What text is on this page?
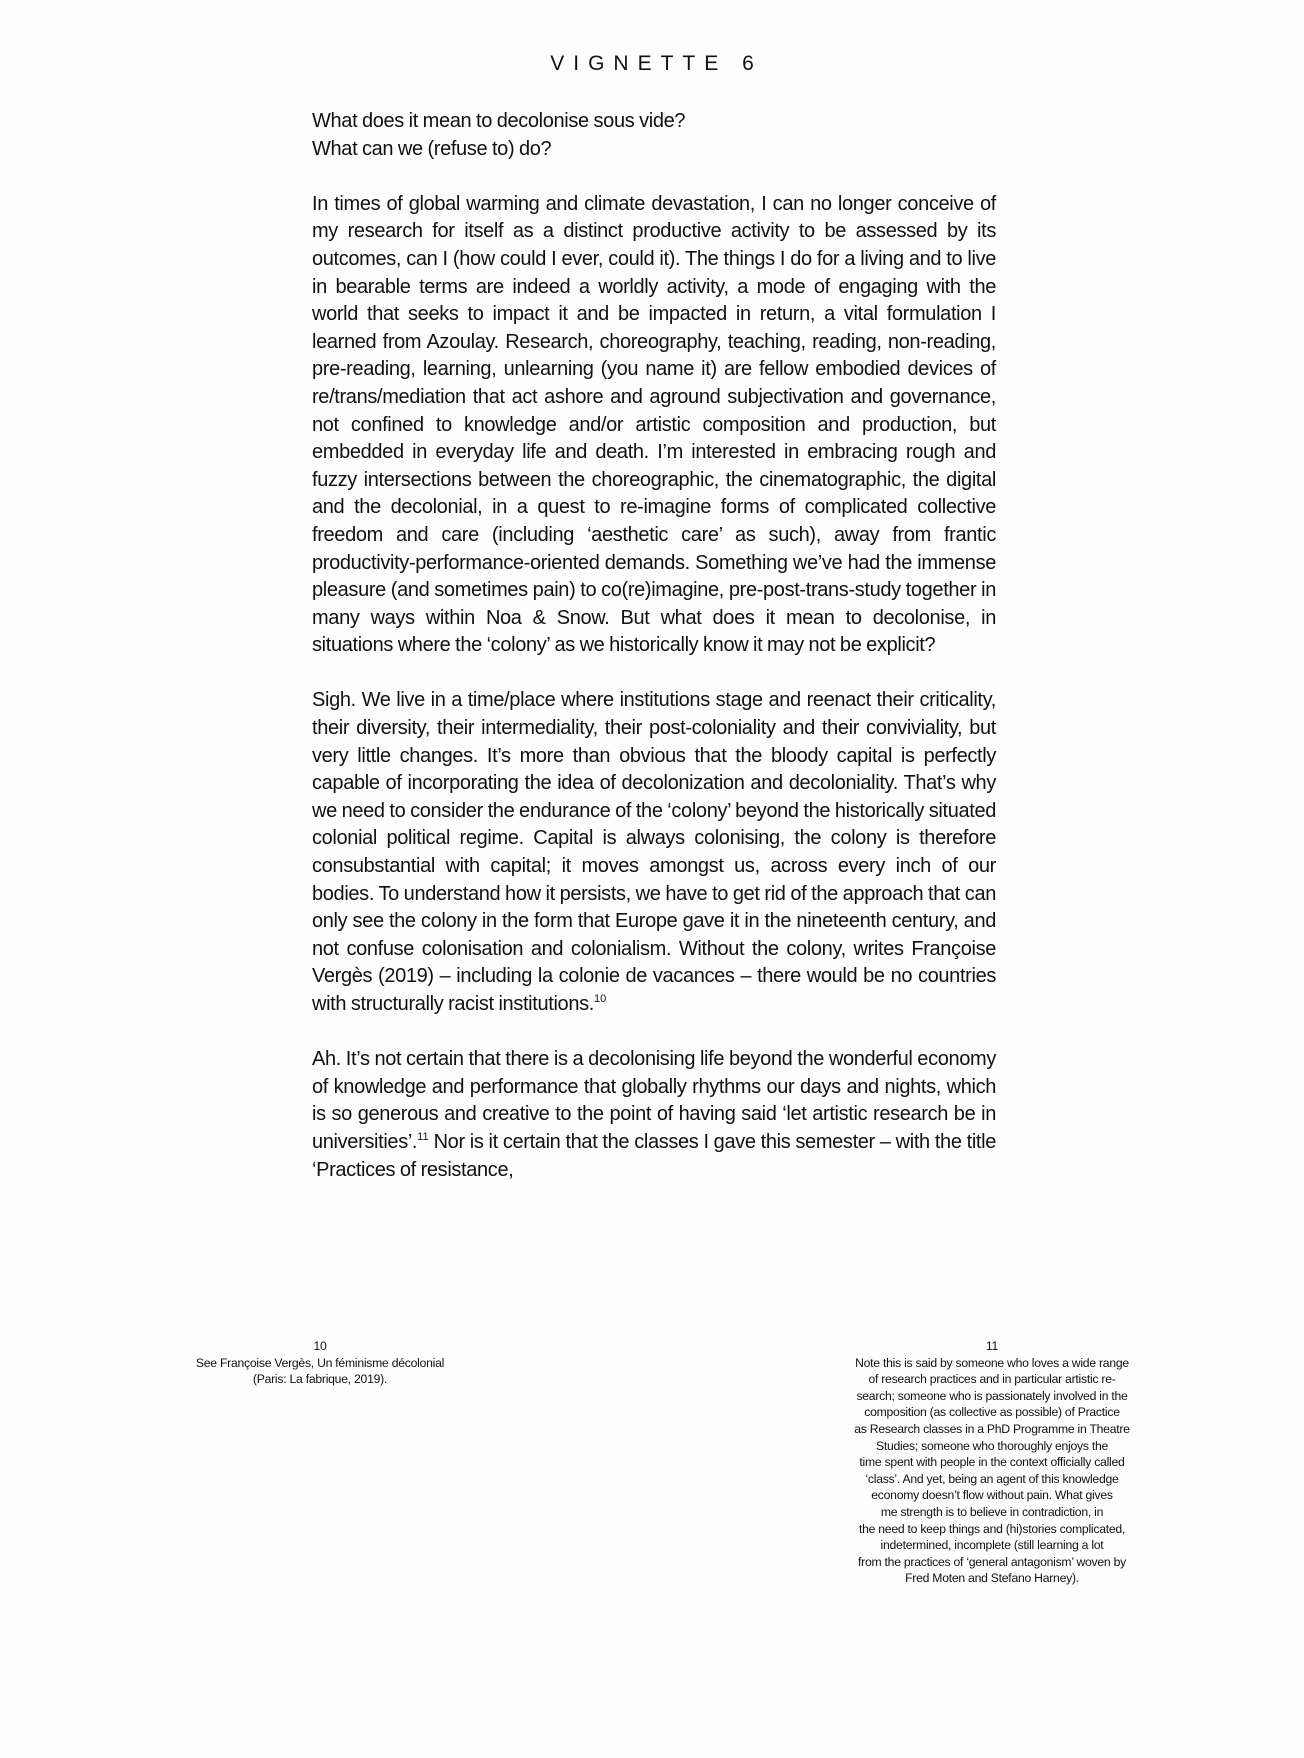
VIGNETTE 6

What does it mean to decolonise sous vide?

What can we (refuse to) do?

In times of global warming and climate devastation, I can no longer conceive of my research for itself as a distinct productive activity to be assessed by its outcomes, can I (how could I ever, could it). The things I do for a living and to live in bearable terms are indeed a worldly activity, a mode of engaging with the world that seeks to impact it and be impacted in return, a vital formulation I learned from Azoulay. Research, choreography, teaching, reading, non-reading, pre-reading, learning, unlearning (you name it) are fellow embodied devices of re/trans/mediation that act ashore and aground subjectivation and governance, not confined to knowledge and/or artistic composition and production, but embedded in everyday life and death. I’m interested in embracing rough and fuzzy intersections between the choreographic, the cinematographic, the digital and the decolonial, in a quest to re-imagine forms of complicated collective freedom and care (including ‘aesthetic care’ as such), away from frantic productivity-performance-oriented demands. Something we’ve had the immense pleasure (and sometimes pain) to co(re)imagine, pre-post-trans-study together in many ways within Noa & Snow. But what does it mean to decolonise, in situations where the ‘colony’ as we historically know it may not be explicit?

Sigh. We live in a time/place where institutions stage and reenact their criticality, their diversity, their intermediality, their post-coloniality and their conviviality, but very little changes. It’s more than obvious that the bloody capital is perfectly capable of incorporating the idea of decolonization and decoloniality. That’s why we need to consider the endurance of the ‘colony’ beyond the historically situated colonial political regime. Capital is always colonising, the colony is therefore consubstantial with capital; it moves amongst us, across every inch of our bodies. To understand how it persists, we have to get rid of the approach that can only see the colony in the form that Europe gave it in the nineteenth century, and not confuse colonisation and colonialism. Without the colony, writes Françoise Vergès (2019) – including la colonie de vacances – there would be no countries with structurally racist institutions.$^{10}$

Ah. It’s not certain that there is a decolonising life beyond the wonderful economy of knowledge and performance that globally rhythms our days and nights, which is so generous and creative to the point of having said ‘let artistic research be in universities’.$^{11}$ Nor is it certain that the classes I gave this semester – with the title ‘Practices of resistance,

10
See Françoise Vergès, Un féminisme décolonial
(Paris: La fabrique, 2019).
11
Note this is said by someone who loves a wide range
of research practices and in particular artistic re-
search; someone who is passionately involved in the
composition (as collective as possible) of Practice
as Research classes in a PhD Programme in Theatre
Studies; someone who thoroughly enjoys the
time spent with people in the context officially called
‘class’. And yet, being an agent of this knowledge
economy doesn’t flow without pain. What gives
me strength is to believe in contradiction, in
the need to keep things and (hi)stories complicated,
indetermined, incomplete (still learning a lot
from the practices of ‘general antagonism’ woven by
Fred Moten and Stefano Harney).
